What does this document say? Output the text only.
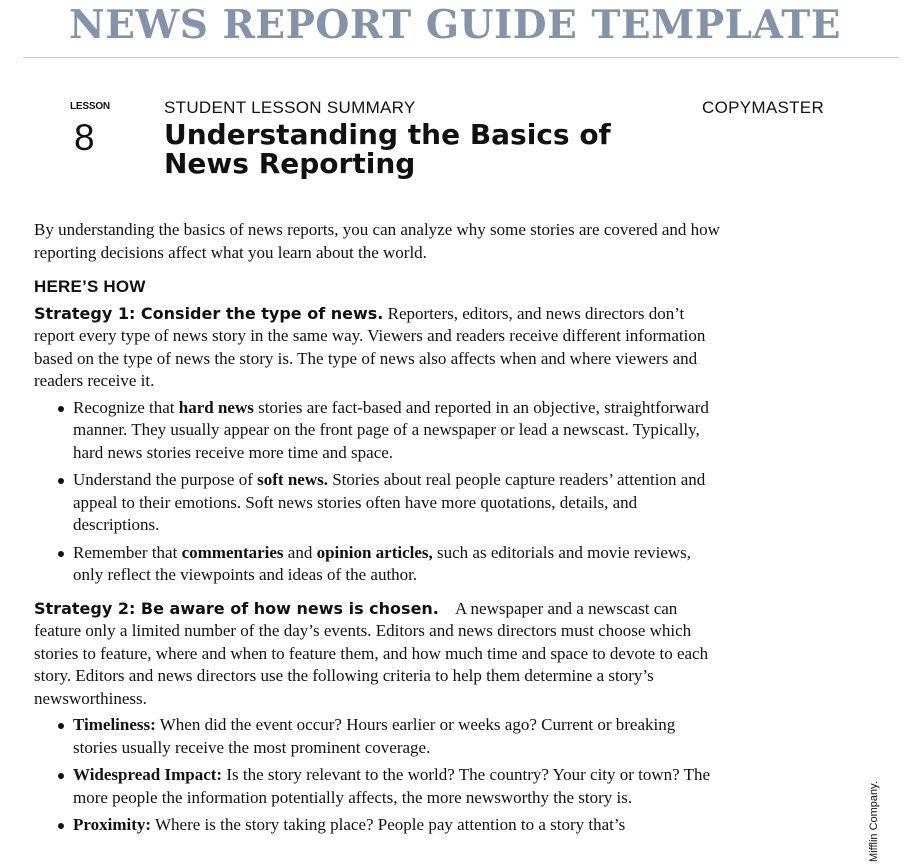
NEWS REPORT GUIDE TEMPLATE
LESSON
8
STUDENT LESSON SUMMARY	COPYMASTER
Understanding the Basics of News Reporting

By understanding the basics of news reports, you can analyze why some stories are covered and how reporting decisions affect what you learn about the world.

HERE’S HOW

Strategy 1: Consider the type of news. Reporters, editors, and news directors don’t report every type of news story in the same way. Viewers and readers receive different information based on the type of news the story is. The type of news also affects when and where viewers and readers receive it.

Recognize that hard news stories are fact-based and reported in an objective, straightforward manner. They usually appear on the front page of a newspaper or lead a newscast. Typically, hard news stories receive more time and space.
Understand the purpose of soft news. Stories about real people capture readers’ attention and appeal to their emotions. Soft news stories often have more quotations, details, and descriptions.
Remember that commentaries and opinion articles, such as editorials and movie reviews, only reflect the viewpoints and ideas of the author.

Strategy 2: Be aware of how news is chosen. A newspaper and a newscast can feature only a limited number of the day’s events. Editors and news directors must choose which stories to feature, where and when to feature them, and how much time and space to devote to each story. Editors and news directors use the following criteria to help them determine a story’s newsworthiness.

Timeliness: When did the event occur? Hours earlier or weeks ago? Current or breaking stories usually receive the most prominent coverage.
Widespread Impact: Is the story relevant to the world? The country? Your city or town? The more people the information potentially affects, the more newsworthy the story is.
Proximity: Where is the story taking place? People pay attention to a story that’s	Mifflin Company.
